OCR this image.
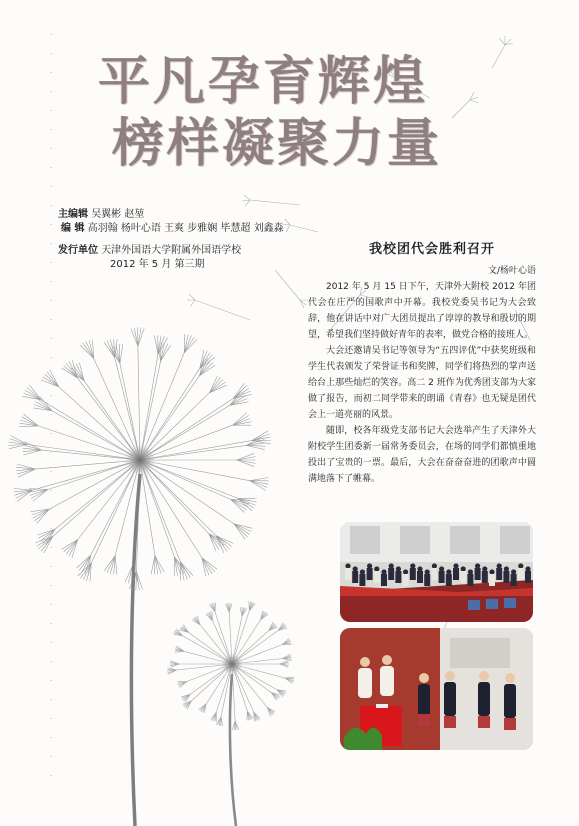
.
.
.
.
.
.
.
.
.
.
.
.
.
.
.
.
.
.
.
.
.
.
.
.
.
.
.
.
.
.
.
.
.
.
.
.
.
.
.
.
平凡孕育辉煌
榜样凝聚力量
主编辑 吴翼彬 赵堃
编 辑 高羽翰 杨叶心语 王爽 步雅娴 毕慧超 刘鑫淼
发行单位 天津外国语大学附属外国语学校
2012 年 5 月 第三期
我校团代会胜利召开
文/杨叶心语

2012 年 5 月 15 日下午，天津外大附校 2012 年团代会在庄严的国歌声中开幕。我校党委吴书记为大会致辞，他在讲话中对广大团员提出了谆谆的教导和殷切的期望，希望我们坚持做好青年的表率，做党合格的接班人。

大会还邀请吴书记等领导为“五四评优”中获奖班级和学生代表颁发了荣誉证书和奖牌，同学们将热烈的掌声送给台上那些灿烂的笑容。高二 2 班作为优秀团支部为大家做了报告，而初二同学带来的朗诵《青春》也无疑是团代会上一道亮丽的风景。

随即，校各年级党支部书记大会选举产生了天津外大附校学生团委新一届常务委员会，在场的同学们都慎重地投出了宝贵的一票。最后，大会在奋奋奋进的团歌声中圆满地落下了帷幕。
